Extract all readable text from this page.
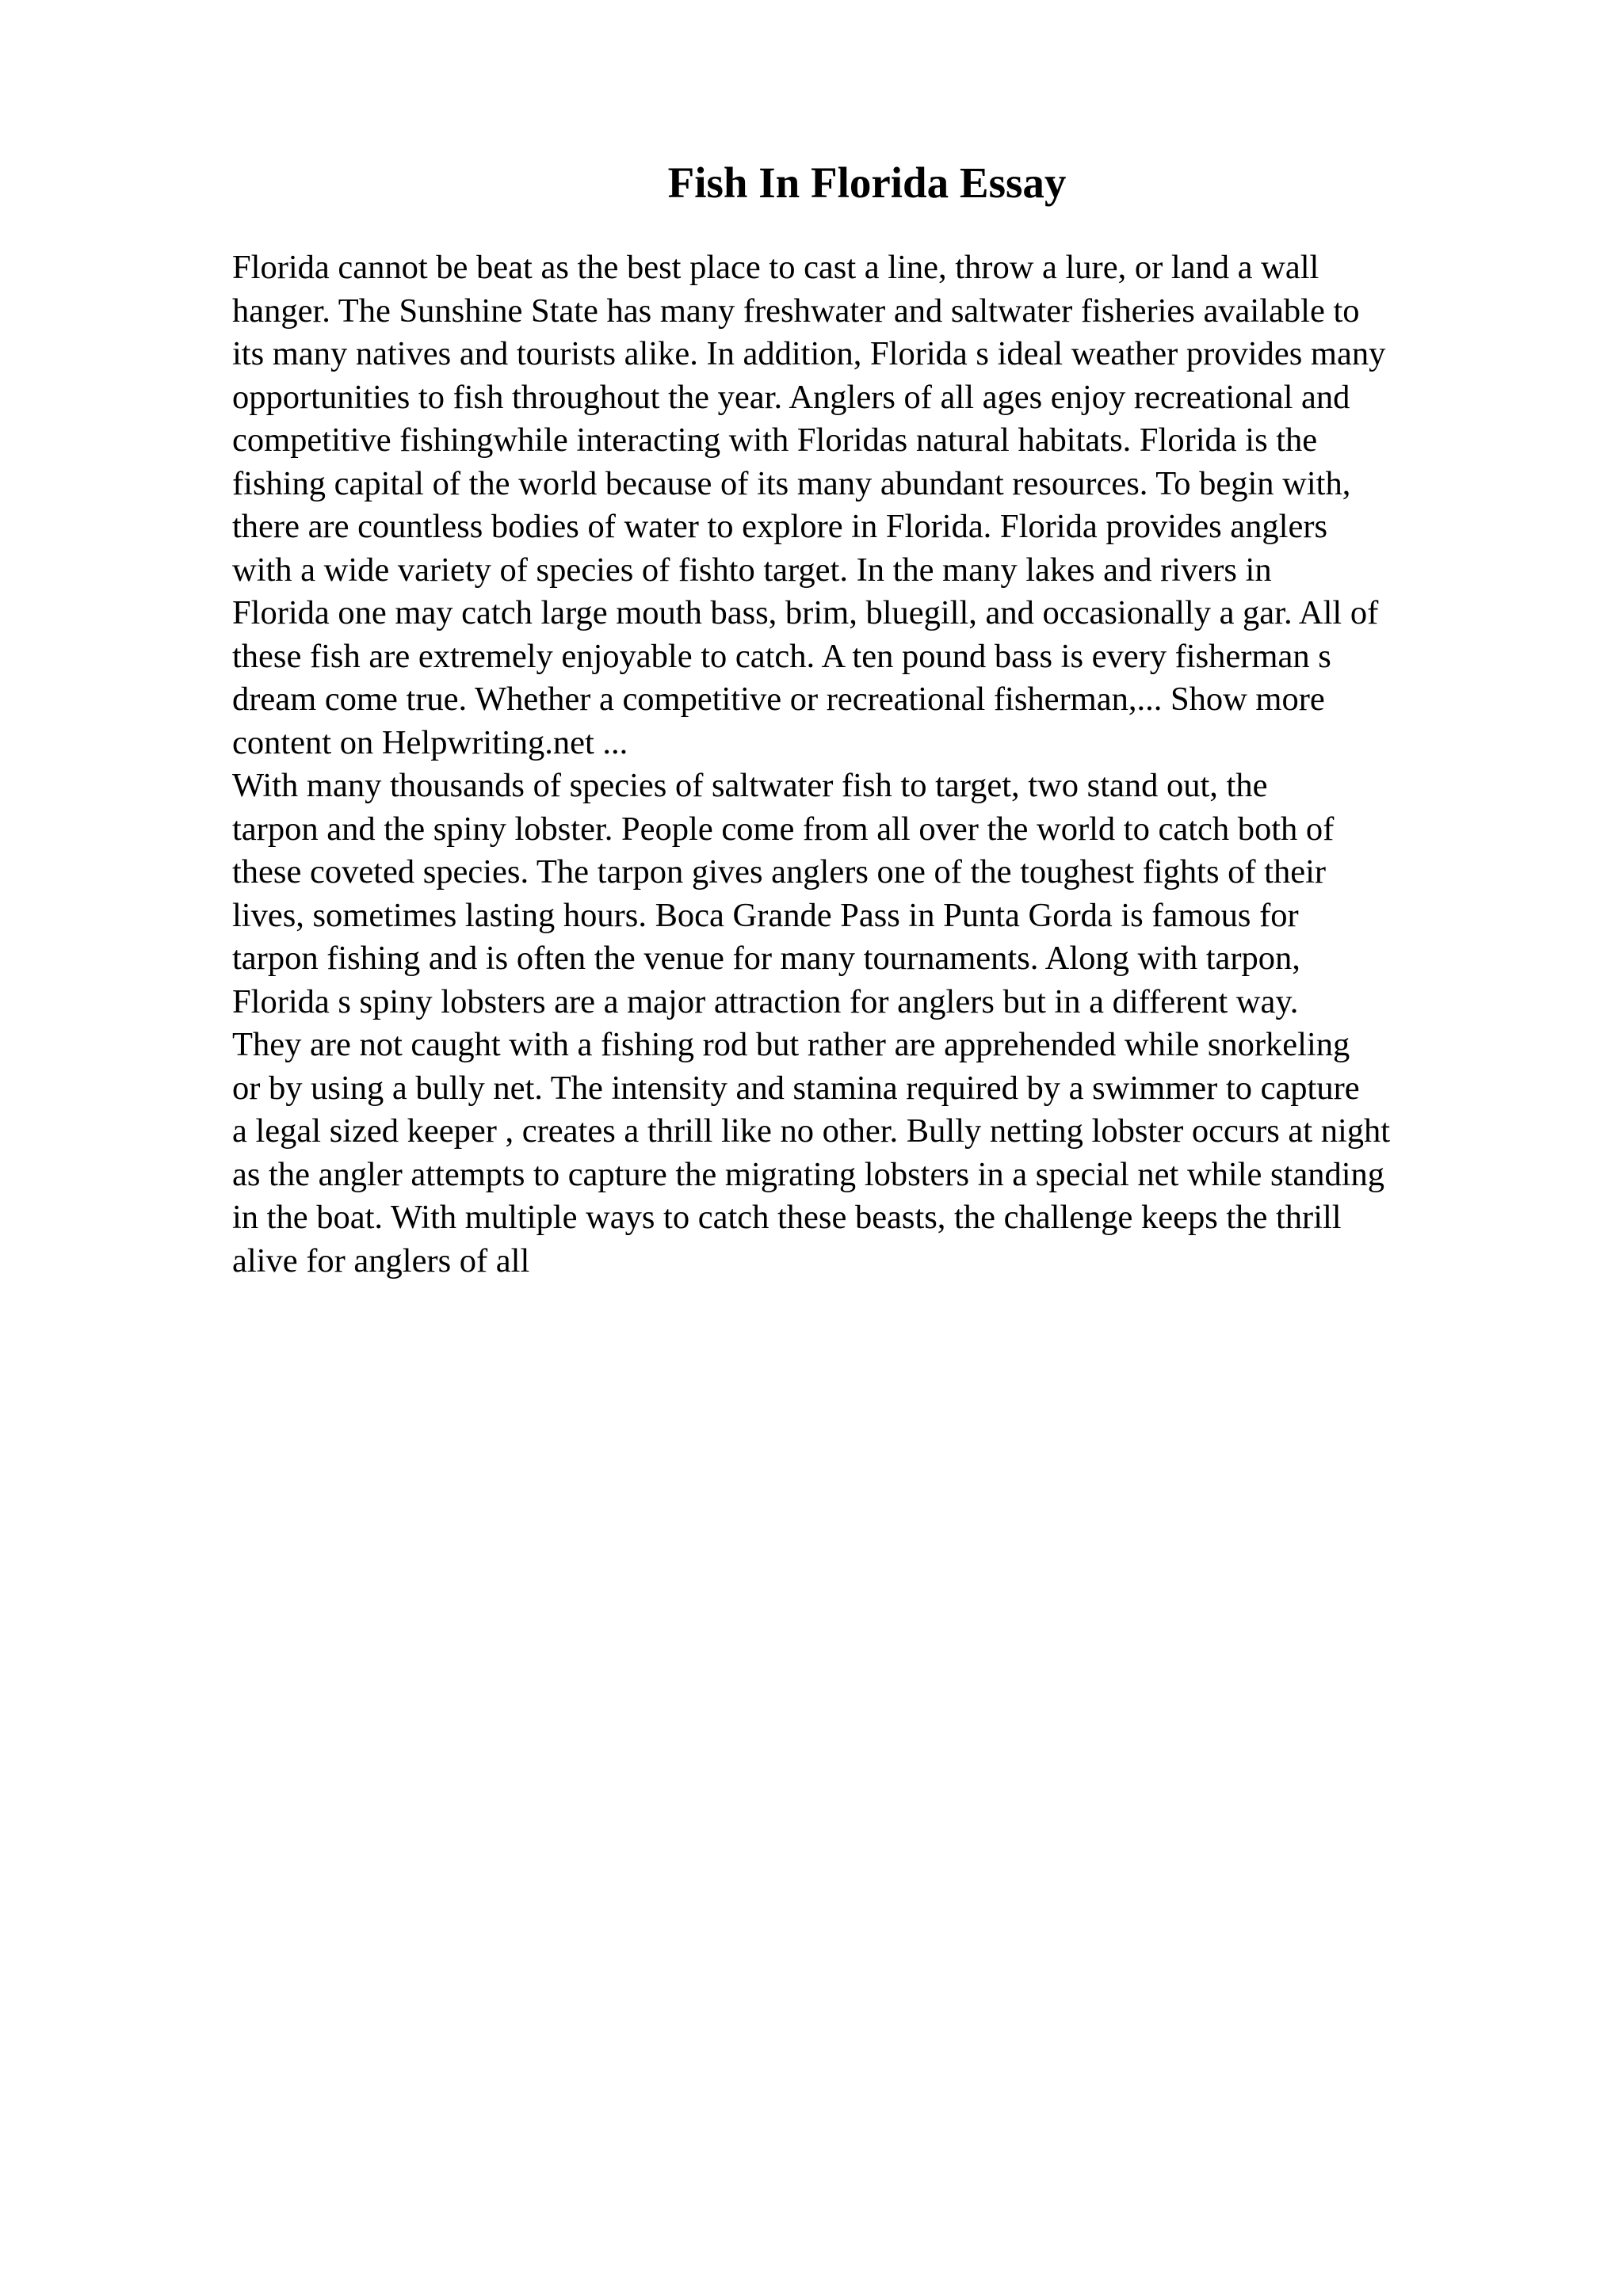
Fish In Florida Essay
Florida cannot be beat as the best place to cast a line, throw a lure, or land a wall
hanger. The Sunshine State has many freshwater and saltwater fisheries available to
its many natives and tourists alike. In addition, Florida s ideal weather provides many
opportunities to fish throughout the year. Anglers of all ages enjoy recreational and
competitive fishingwhile interacting with Floridas natural habitats. Florida is the
fishing capital of the world because of its many abundant resources. To begin with,
there are countless bodies of water to explore in Florida. Florida provides anglers
with a wide variety of species of fishto target. In the many lakes and rivers in
Florida one may catch large mouth bass, brim, bluegill, and occasionally a gar. All of
these fish are extremely enjoyable to catch. A ten pound bass is every fisherman s
dream come true. Whether a competitive or recreational fisherman,... Show more
content on Helpwriting.net ...
With many thousands of species of saltwater fish to target, two stand out, the
tarpon and the spiny lobster. People come from all over the world to catch both of
these coveted species. The tarpon gives anglers one of the toughest fights of their
lives, sometimes lasting hours. Boca Grande Pass in Punta Gorda is famous for
tarpon fishing and is often the venue for many tournaments. Along with tarpon,
Florida s spiny lobsters are a major attraction for anglers but in a different way.
They are not caught with a fishing rod but rather are apprehended while snorkeling
or by using a bully net. The intensity and stamina required by a swimmer to capture
a legal sized keeper , creates a thrill like no other. Bully netting lobster occurs at night
as the angler attempts to capture the migrating lobsters in a special net while standing
in the boat. With multiple ways to catch these beasts, the challenge keeps the thrill
alive for anglers of all
